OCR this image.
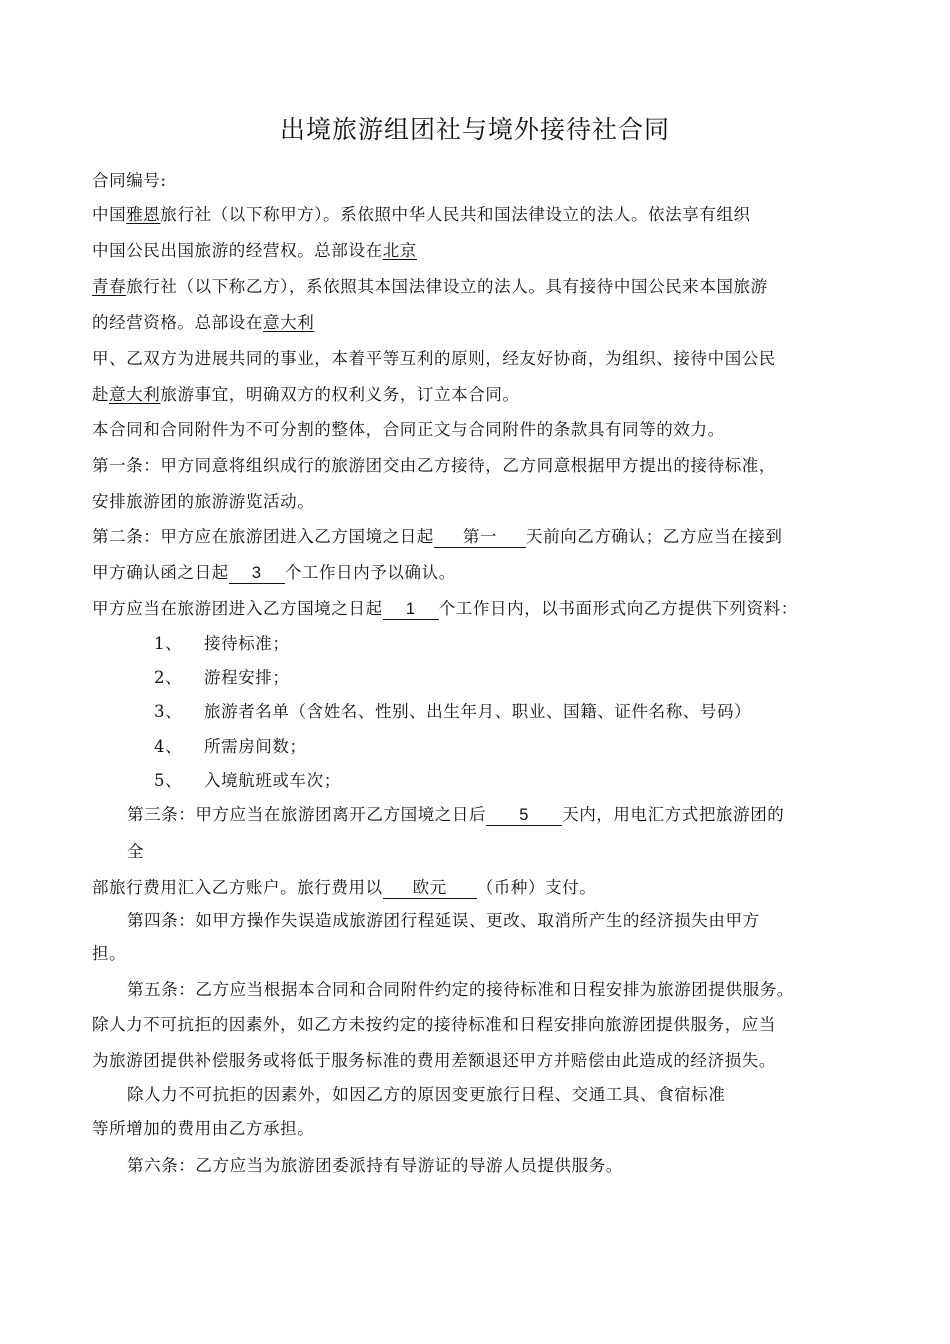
出境旅游组团社与境外接待社合同
合同编号:
中国雅恩旅行社（以下称甲方）。系依照中华人民共和国法律设立的法人。依法享有组织
中国公民出国旅游的经营权。总部设在北京
青春旅行社（以下称乙方），系依照其本国法律设立的法人。具有接待中国公民来本国旅游
的经营资格。总部设在意大利
甲、乙双方为进展共同的事业，本着平等互利的原则，经友好协商，为组织、接待中国公民
赴意大利旅游事宜，明确双方的权利义务，订立本合同。
本合同和合同附件为不可分割的整体，合同正文与合同附件的条款具有同等的效力。
第一条：甲方同意将组织成行的旅游团交由乙方接待，乙方同意根据甲方提出的接待标准，
安排旅游团的旅游游览活动。
第二条：甲方应在旅游团进入乙方国境之日起 第一 天前向乙方确认；乙方应当在接到
甲方确认函之日起 3 个工作日内予以确认。
甲方应当在旅游团进入乙方国境之日起 1 个工作日内，以书面形式向乙方提供下列资料：
1、 接待标准；
2、 游程安排；
3、 旅游者名单（含姓名、性别、出生年月、职业、国籍、证件名称、号码）
4、 所需房间数；
5、 入境航班或车次；
第三条：甲方应当在旅游团离开乙方国境之日后 5 天内，用电汇方式把旅游团的
全
部旅行费用汇入乙方账户。旅行费用以 欧元 （币种）支付。
第四条：如甲方操作失误造成旅游团行程延误、更改、取消所产生的经济损失由甲方
担。
第五条：乙方应当根据本合同和合同附件约定的接待标准和日程安排为旅游团提供服务。
除人力不可抗拒的因素外，如乙方未按约定的接待标准和日程安排向旅游团提供服务，应当
为旅游团提供补偿服务或将低于服务标准的费用差额退还甲方并赔偿由此造成的经济损失。
除人力不可抗拒的因素外，如因乙方的原因变更旅行日程、交通工具、食宿标准
等所增加的费用由乙方承担。
第六条：乙方应当为旅游团委派持有导游证的导游人员提供服务。
